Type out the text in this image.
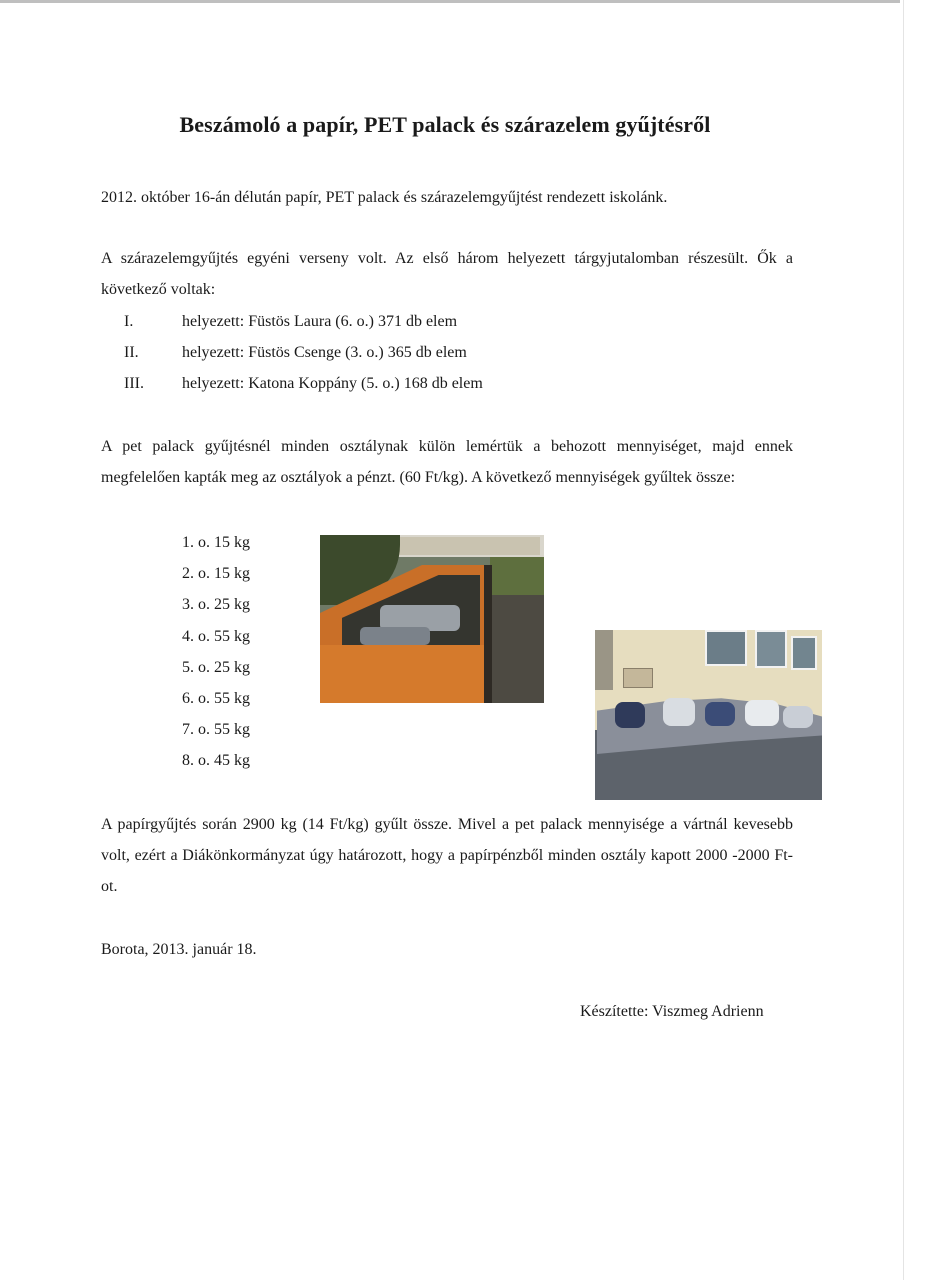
Beszámoló a papír, PET palack és szárazelem gyűjtésről
2012. október 16-án délután papír, PET palack és szárazelemgyűjtést rendezett iskolánk.
A szárazelemgyűjtés egyéni verseny volt. Az első három helyezett tárgyjutalomban részesült. Ők a következő voltak:
I.	helyezett: Füstös Laura (6. o.) 371 db elem
II.	helyezett: Füstös Csenge (3. o.) 365 db elem
III.	helyezett: Katona Koppány (5. o.) 168 db elem
A pet palack gyűjtésnél minden osztálynak külön lemértük a behozott mennyiséget, majd ennek megfelelően kapták meg az osztályok a pénzt. (60 Ft/kg). A következő mennyiségek gyűltek össze:
1. o. 15 kg
2. o. 15 kg
3. o. 25 kg
4. o. 55 kg
5. o. 25 kg
6. o. 55 kg
7. o. 55 kg
8. o. 45 kg
A papírgyűjtés során 2900 kg (14 Ft/kg) gyűlt össze. Mivel a pet palack mennyisége a vártnál kevesebb volt, ezért a Diákönkormányzat úgy határozott, hogy a papírpénzből minden osztály kapott 2000 -2000 Ft-ot.
Borota, 2013. január 18.
Készítette: Viszmeg Adrienn
